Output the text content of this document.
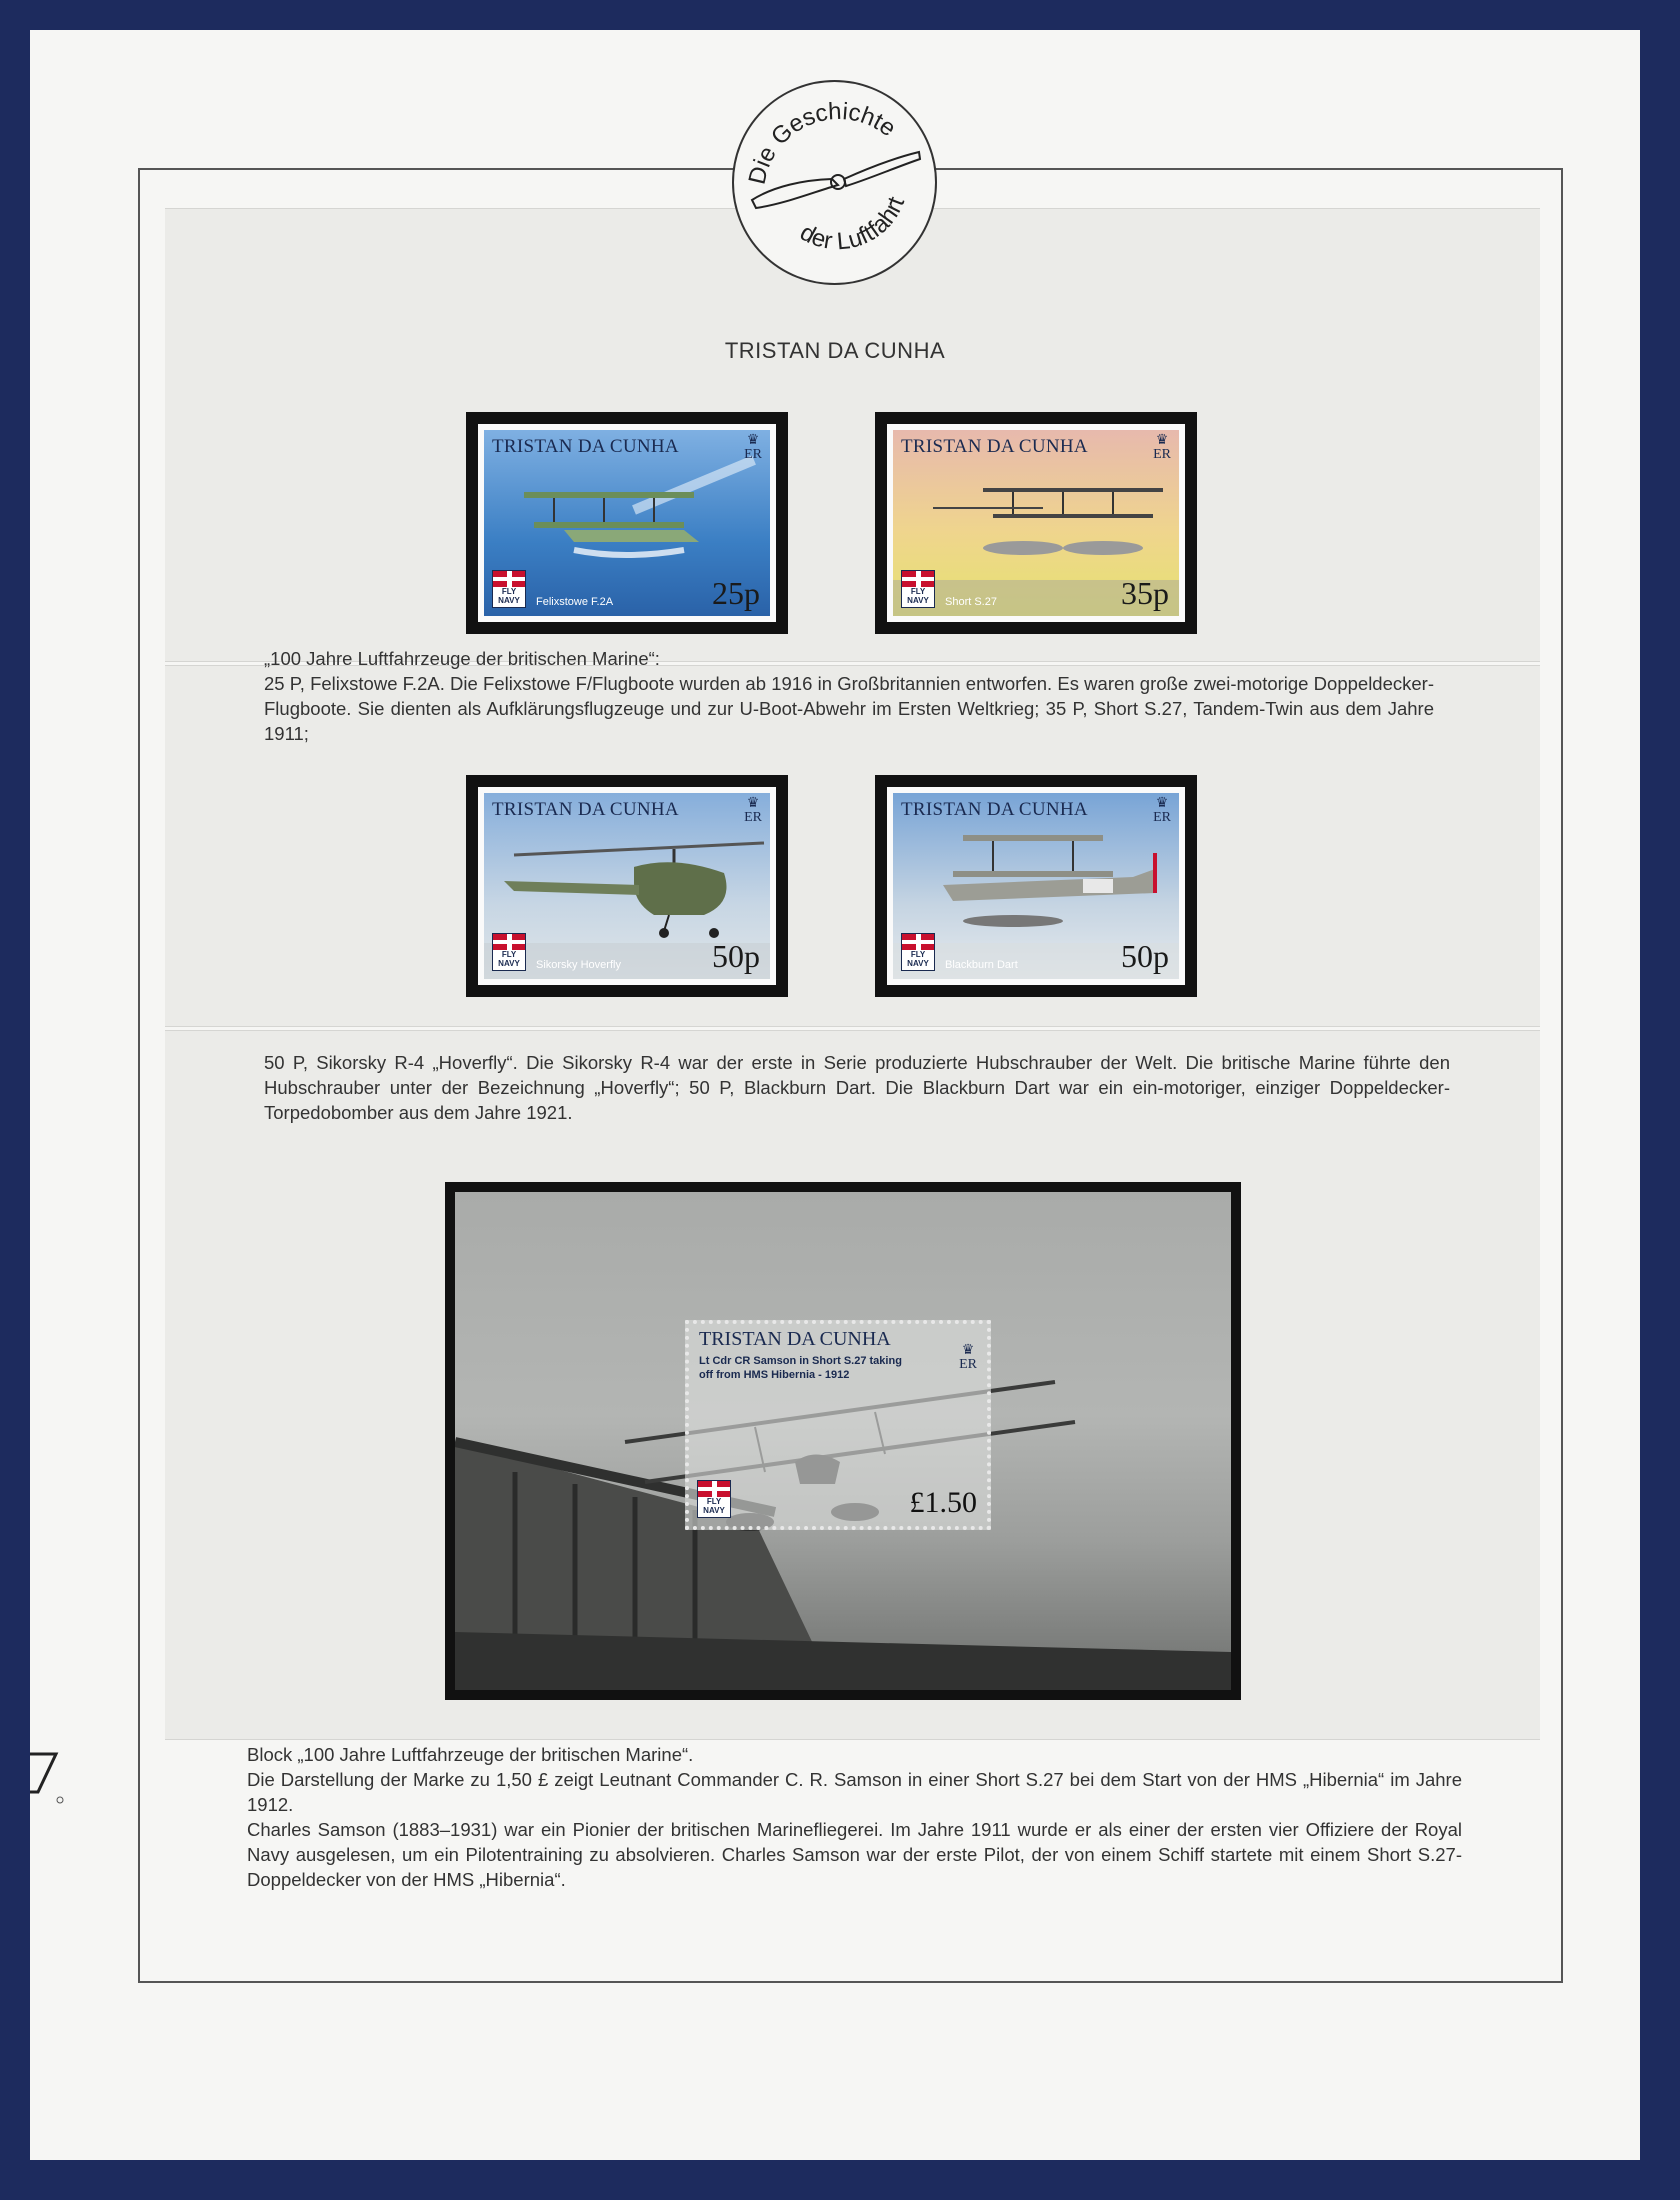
Die Geschichte
der Luftfahrt
TRISTAN DA CUNHA
TRISTAN DA CUNHA	♛
ER
FLY NAVY	Felixstowe F.2A	25p
TRISTAN DA CUNHA	♛
ER
FLY NAVY	Short S.27	35p

„100 Jahre Luftfahrzeuge der britischen Marine“:

25 P, Felixstowe F.2A. Die Felixstowe F/Flugboote wurden ab 1916 in Großbritannien entworfen. Es waren große zwei-motorige Doppeldecker-Flugboote. Sie dienten als Aufklärungsflugzeuge und zur U-Boot-Abwehr im Ersten Weltkrieg; 35 P, Short S.27, Tandem-Twin aus dem Jahre 1911;

TRISTAN DA CUNHA	♛
ER
FLY NAVY	Sikorsky Hoverfly	50p
TRISTAN DA CUNHA	♛
ER
FLY NAVY	Blackburn Dart	50p

50 P, Sikorsky R-4 „Hoverfly“. Die Sikorsky R-4 war der erste in Serie produzierte Hubschrauber der Welt. Die britische Marine führte den Hubschrauber unter der Bezeichnung „Hoverfly“; 50 P, Blackburn Dart. Die Blackburn Dart war ein ein-motoriger, einziger Doppeldecker-Torpedobomber aus dem Jahre 1921.

TRISTAN DA CUNHA
Lt Cdr CR Samson in Short S.27 taking off from HMS Hibernia - 1912
♛
ER
FLY NAVY	£1.50

Block „100 Jahre Luftfahrzeuge der britischen Marine“.

Die Darstellung der Marke zu 1,50 £ zeigt Leutnant Commander C. R. Samson in einer Short S.27 bei dem Start von der HMS „Hibernia“ im Jahre 1912.

Charles Samson (1883–1931) war ein Pionier der britischen Marinefliegerei. Im Jahre 1911 wurde er als einer der ersten vier Offiziere der Royal Navy ausgelesen, um ein Pilotentraining zu absolvieren. Charles Samson war der erste Pilot, der von einem Schiff startete mit einem Short S.27-Doppeldecker von der HMS „Hibernia“.
